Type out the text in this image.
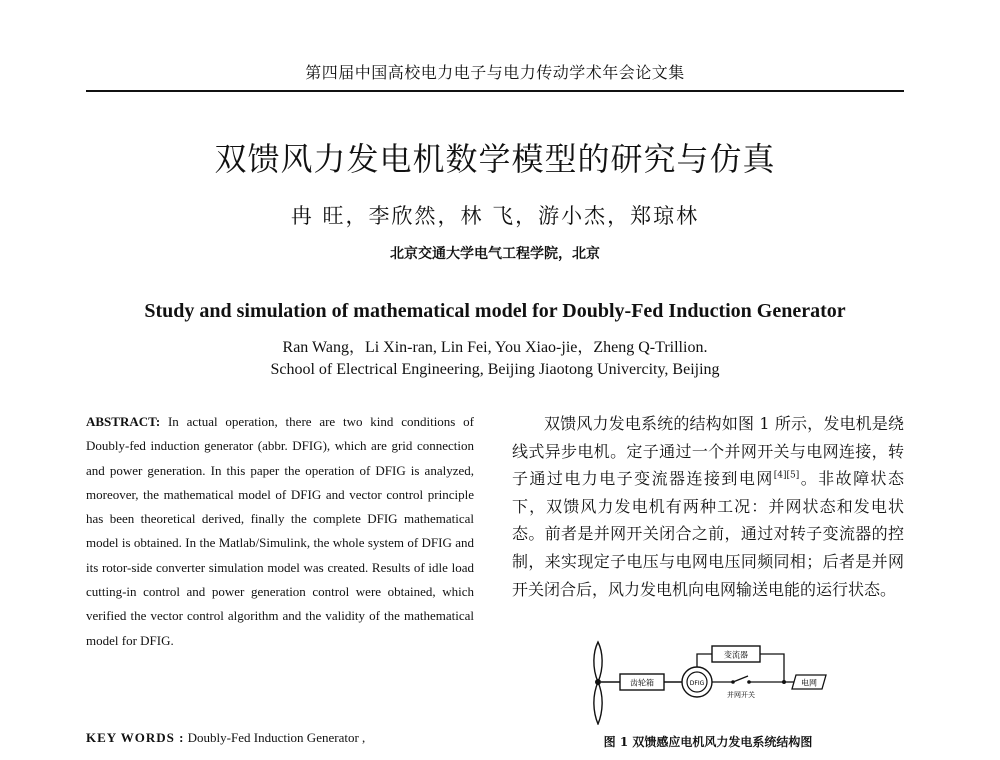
第四届中国高校电力电子与电力传动学术年会论文集
双馈风力发电机数学模型的研究与仿真
冉 旺，李欣然，林 飞，游小杰，郑琼林
北京交通大学电气工程学院，北京
Study and simulation of mathematical model for Doubly-Fed Induction Generator
Ran Wang，Li Xin-ran, Lin Fei, You Xiao-jie，Zheng Q-Trillion.
School of Electrical Engineering, Beijing Jiaotong Univercity, Beijing
ABSTRACT: In actual operation, there are two kind conditions of Doubly-fed induction generator (abbr. DFIG), which are grid connection and power generation. In this paper the operation of DFIG is analyzed, moreover, the mathematical model of DFIG and vector control principle has been theoretical derived, finally the complete DFIG mathematical model is obtained. In the Matlab/Simulink, the whole system of DFIG and its rotor-side converter simulation model was created. Results of idle load cutting-in control and power generation control were obtained, which verified the vector control algorithm and the validity of the mathematical model for DFIG.
KEY WORDS : Doubly-Fed Induction Generator ,
双馈风力发电系统的结构如图 1 所示，发电机是绕线式异步电机。定子通过一个并网开关与电网连接，转子通过电力电子变流器连接到电网[4][5]。非故障状态下，双馈风力发电机有两种工况：并网状态和发电状态。前者是并网开关闭合之前，通过对转子变流器的控制，来实现定子电压与电网电压同频同相；后者是并网开关闭合后，风力发电机向电网输送电能的运行状态。
齿轮箱	DFIG
变流器
并网开关
电网
图 1 双馈感应电机风力发电系统结构图
